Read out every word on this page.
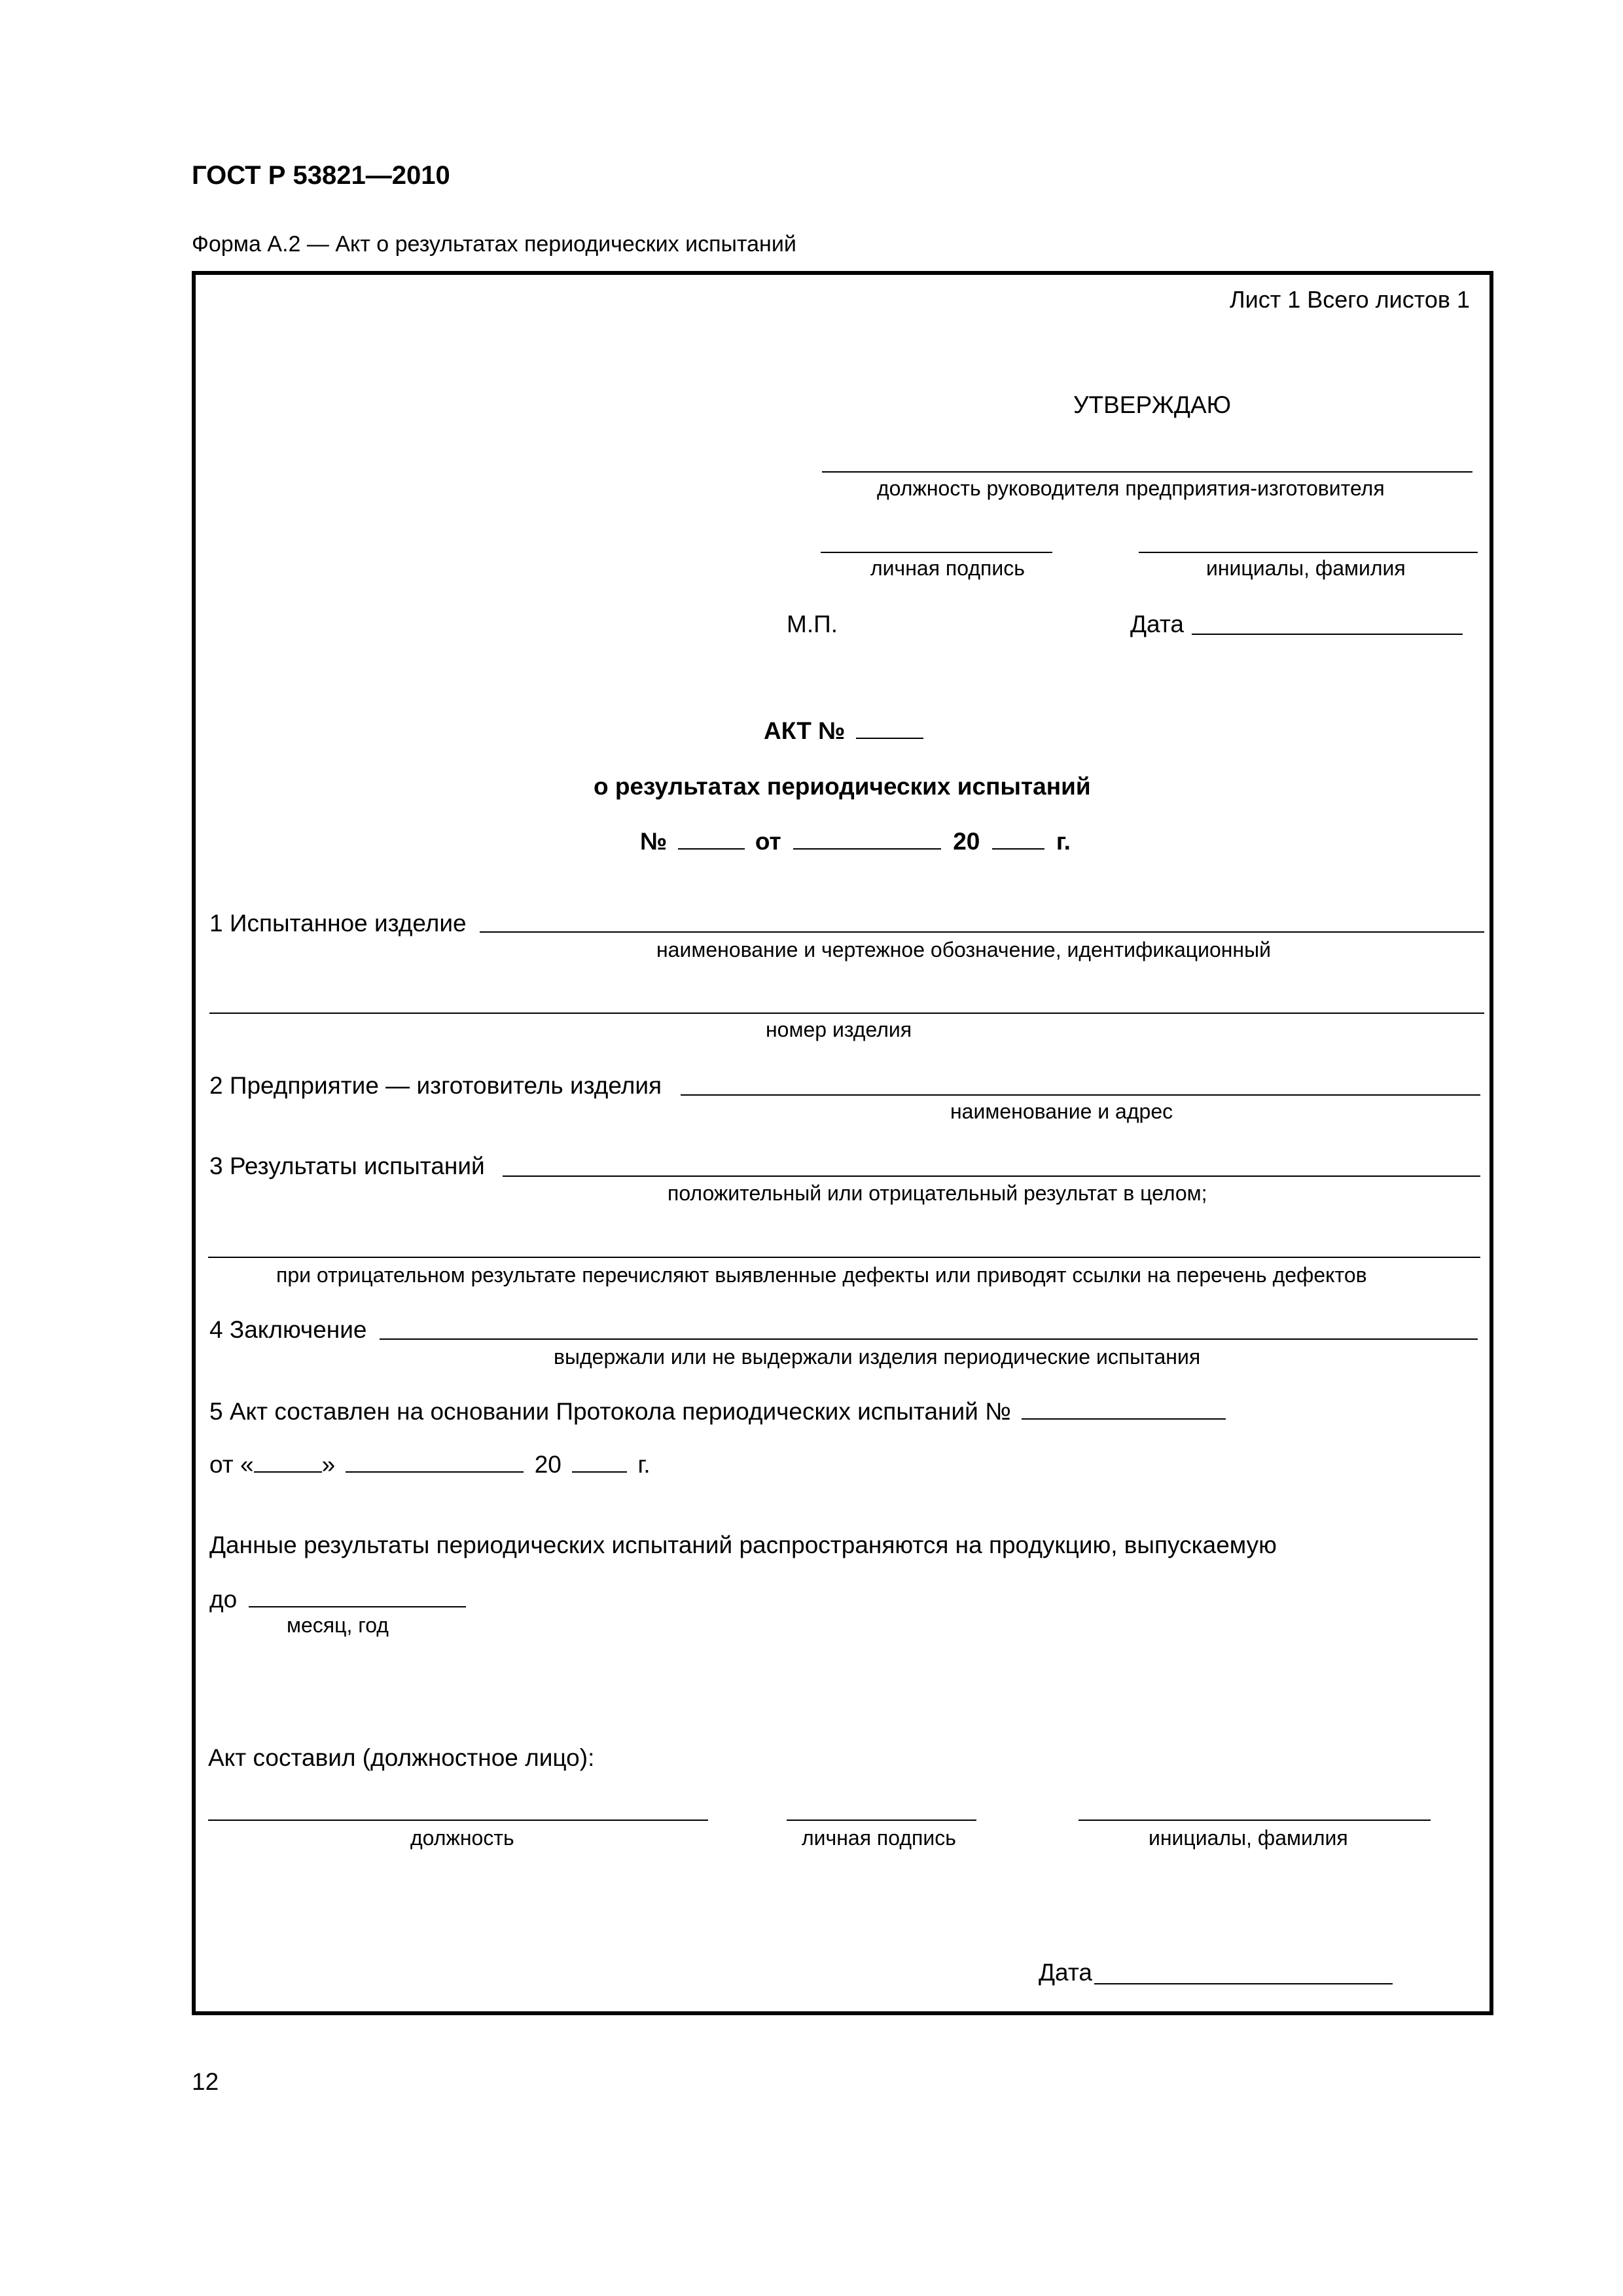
ГОСТ Р 53821—2010
Форма А.2 — Акт о результатах периодических испытаний
Лист 1 Всего листов 1
УТВЕРЖДАЮ
должность руководителя предприятия-изготовителя
личная подпись	инициалы, фамилия
М.П.	Дата
АКТ №
о результатах периодических испытаний
№	от	20	г.
1 Испытанное изделие
наименование и чертежное обозначение, идентификационный
номер изделия
2 Предприятие — изготовитель изделия
наименование и адрес
3 Результаты испытаний
положительный или отрицательный результат в целом;
при отрицательном результате перечисляют выявленные дефекты или приводят ссылки на перечень дефектов
4 Заключение
выдержали или не выдержали изделия периодические испытания
5 Акт составлен на основании Протокола периодических испытаний №
от «	»	20	г.
Данные результаты периодических испытаний распространяются на продукцию, выпускаемую
до
месяц, год
Акт составил (должностное лицо):
должность	личная подпись	инициалы, фамилия
Дата
12
